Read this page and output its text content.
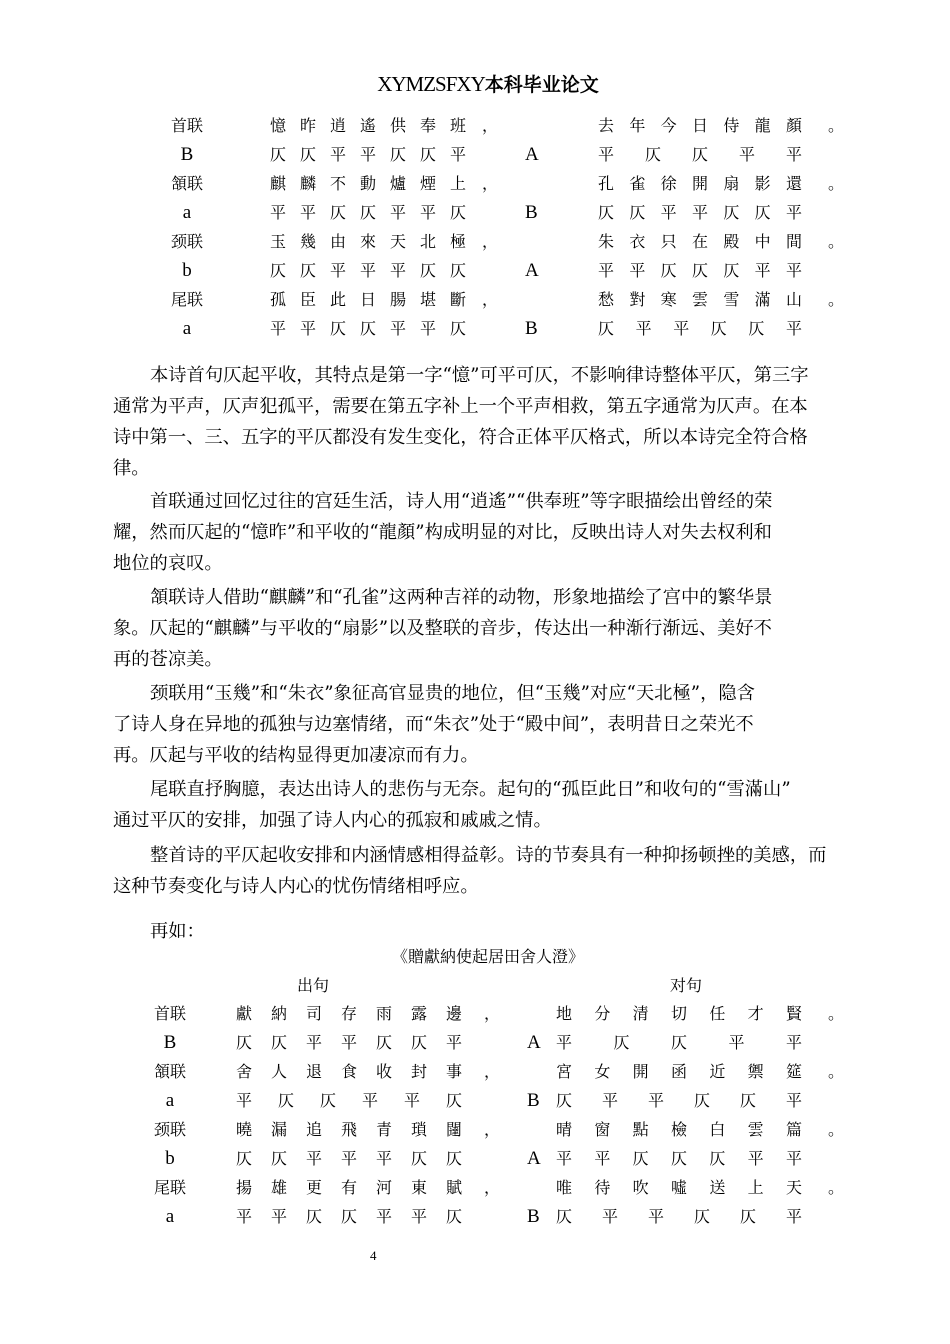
XYMZSFXY本科毕业论文
首联	憶昨逍遙供奉班 ，	去年今日侍龍顏 。
B	仄仄平平仄仄平 A	平仄仄平平
頷联	麒麟不動爐煙上 ，	孔雀徐開扇影還 。
a	平平仄仄平平仄 B	仄仄平平仄仄平
颈联	玉幾由來天北極 ，	朱衣只在殿中間 。
b	仄仄平平平仄仄 A	平平仄仄仄平平
尾联	孤臣此日腸堪斷 ，	愁對寒雲雪滿山 。
a	平平仄仄平平仄 B	仄平平仄仄平
本诗首句仄起平收，其特点是第一字“憶”可平可仄，不影响律诗整体平仄，第三字
通常为平声，仄声犯孤平，需要在第五字补上一个平声相救，第五字通常为仄声。在本
诗中第一、三、五字的平仄都没有发生变化，符合正体平仄格式，所以本诗完全符合格
律。
首联通过回忆过往的宫廷生活，诗人用“逍遙”“供奉班”等字眼描绘出曾经的荣
耀，然而仄起的“憶昨”和平收的“龍顏”构成明显的对比，反映出诗人对失去权利和
地位的哀叹。
頷联诗人借助“麒麟”和“孔雀”这两种吉祥的动物，形象地描绘了宫中的繁华景
象。仄起的“麒麟”与平收的“扇影”以及整联的音步，传达出一种渐行渐远、美好不
再的苍凉美。
颈联用“玉幾”和“朱衣”象征高官显贵的地位，但“玉幾”对应“天北極”，隐含
了诗人身在异地的孤独与边塞情绪，而“朱衣”处于“殿中间”，表明昔日之荣光不
再。仄起与平收的结构显得更加凄凉而有力。
尾联直抒胸臆，表达出诗人的悲伤与无奈。起句的“孤臣此日”和收句的“雪滿山”
通过平仄的安排，加强了诗人内心的孤寂和戚戚之情。
整首诗的平仄起收安排和内涵情感相得益彰。诗的节奏具有一种抑扬顿挫的美感，而
这种节奏变化与诗人内心的忧伤情绪相呼应。
再如：
《贈獻納使起居田舍人澄》
出句	对句
首联	獻納司存雨露邊 ，	地分清切任才賢 。
B	仄仄平平仄仄平 A 平仄仄平平
頷联	舍人退食收封事 ，	宮女開函近禦筵 。
a	平仄仄平平仄 B 仄平平仄仄平
颈联	曉漏追飛青瑣闥 ，	晴窗點檢白雲篇 。
b	仄仄平平平仄仄 A 平平仄仄仄平平
尾联	揚雄更有河東賦 ，	唯待吹噓送上天 。
a	平平仄仄平平仄 B 仄平平仄仄平
4
